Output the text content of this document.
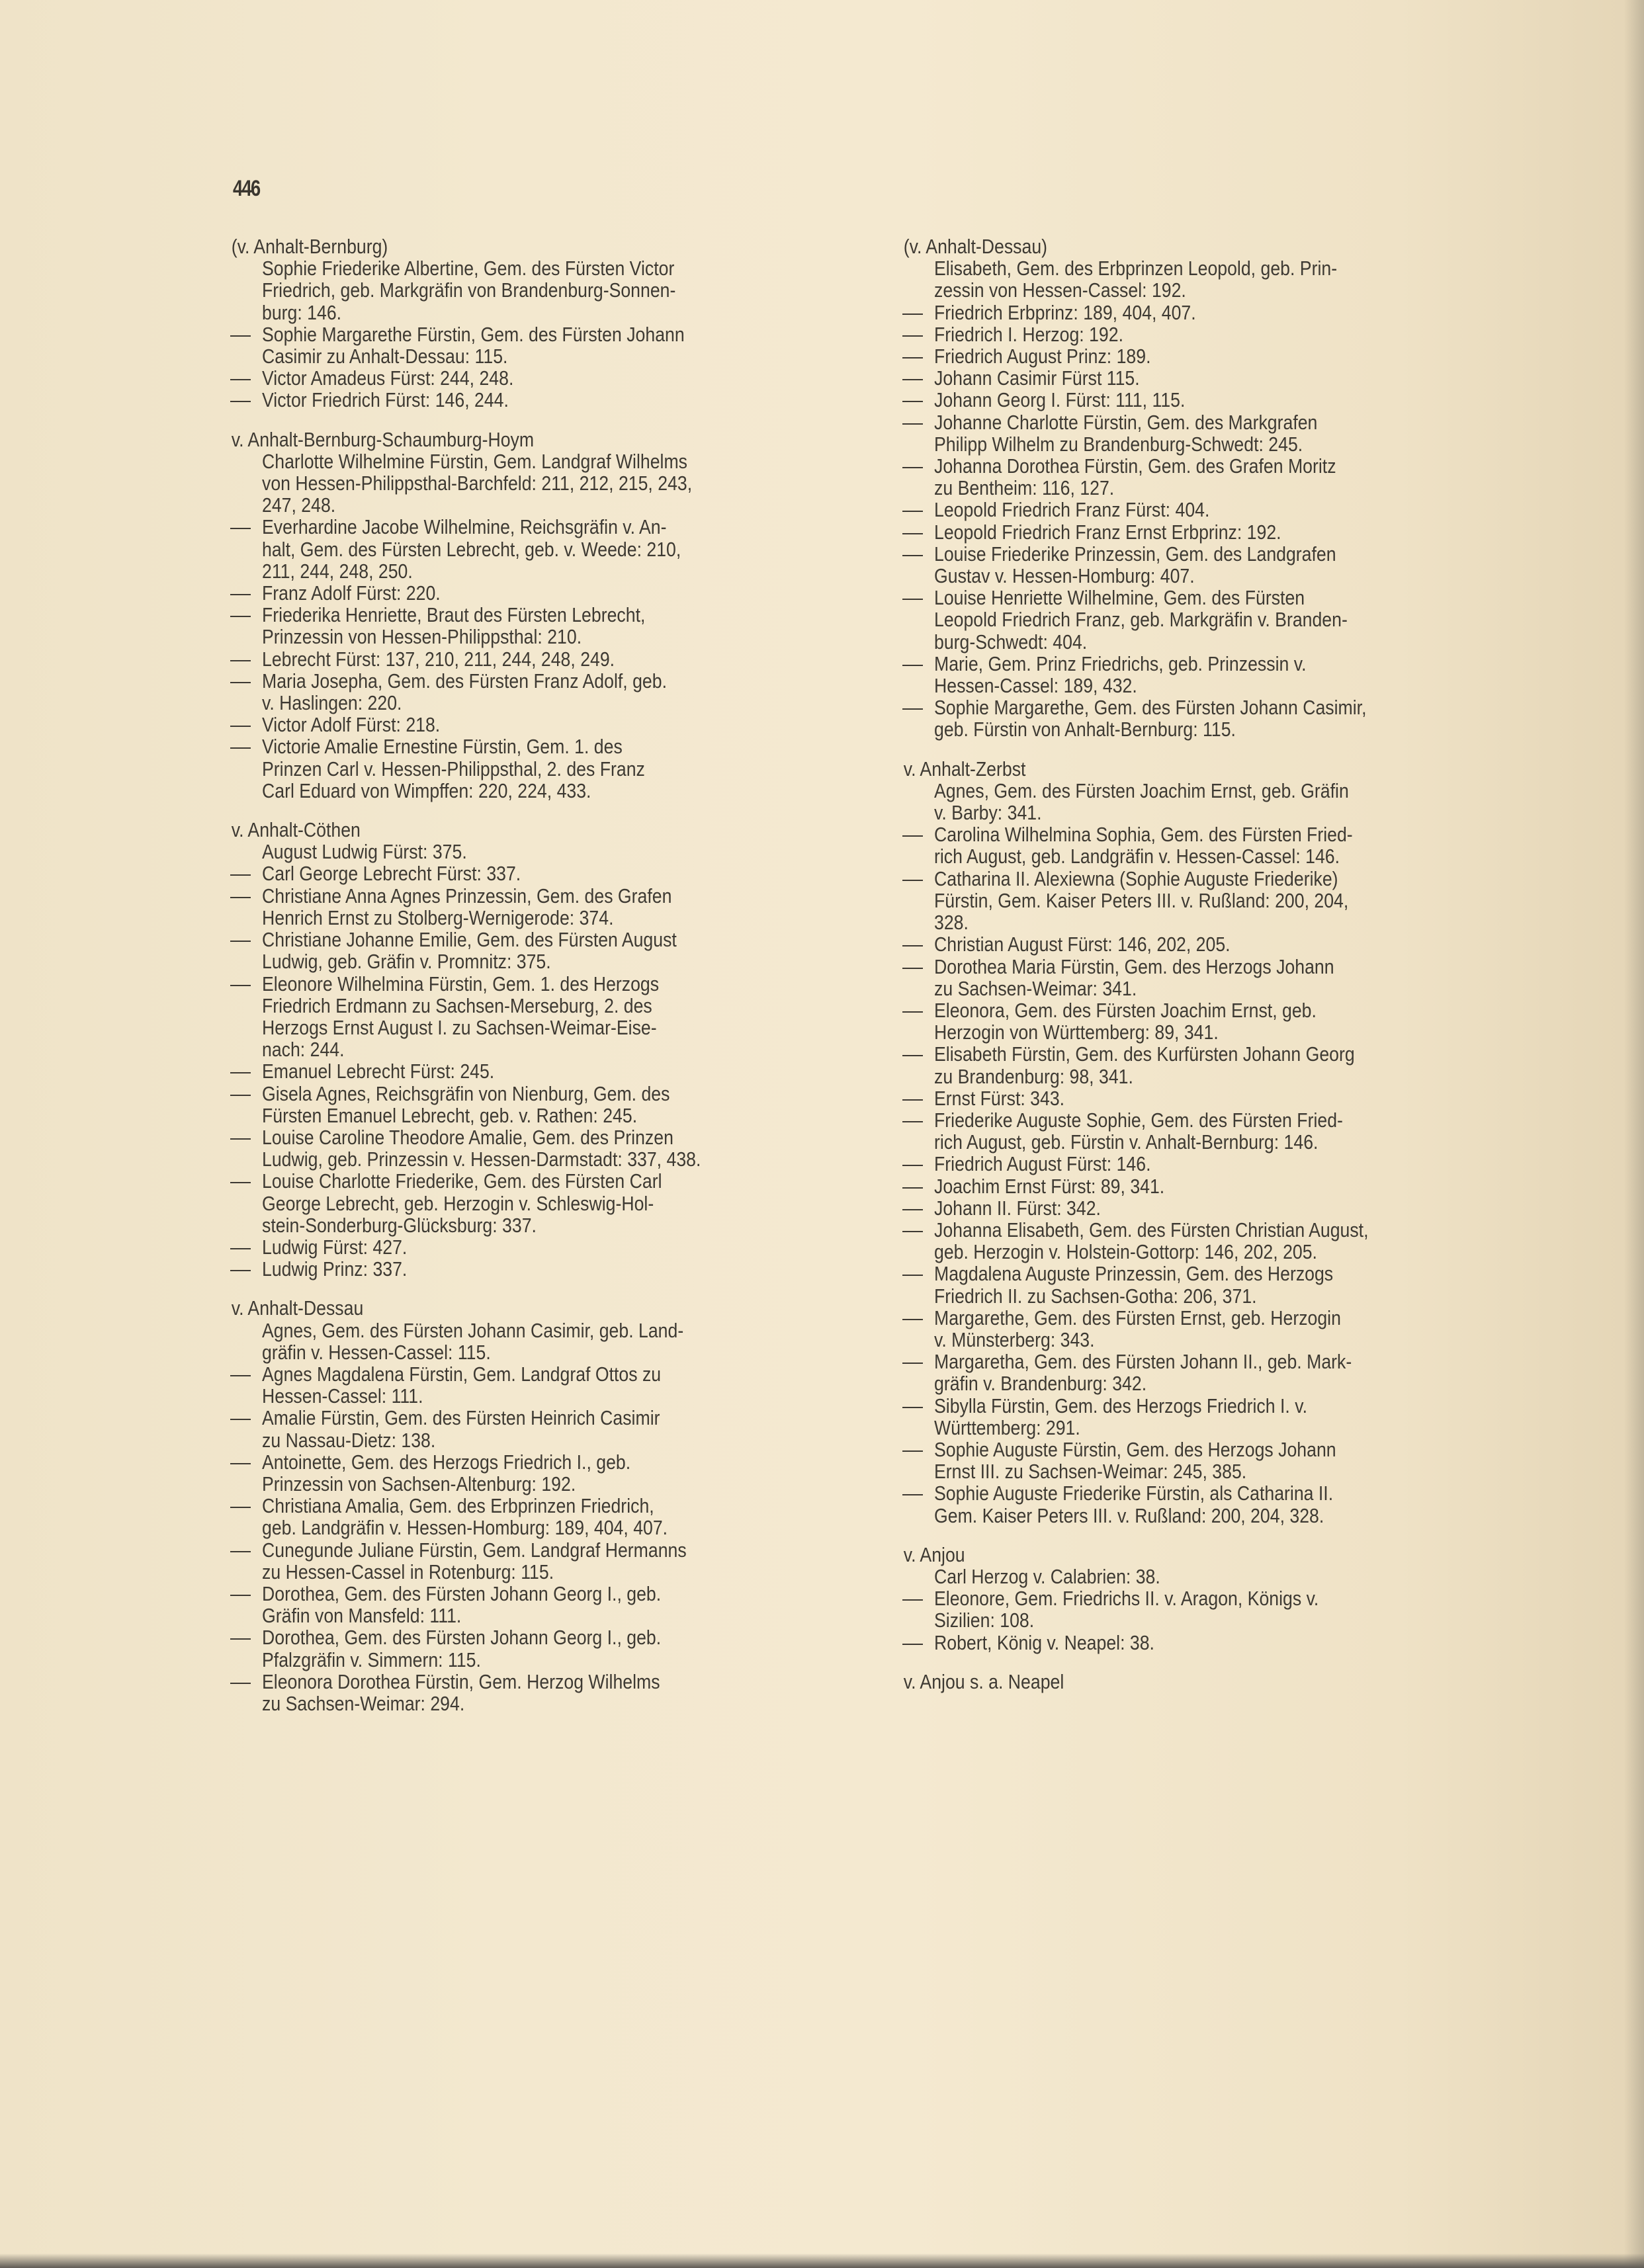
446
(v. Anhalt-Bernburg)
Sophie Friederike Albertine, Gem. des Fürsten Victor
Friedrich, geb. Markgräfin von Brandenburg-Sonnen-
burg: 146.
— Sophie Margarethe Fürstin, Gem. des Fürsten Johann
Casimir zu Anhalt-Dessau: 115.
— Victor Amadeus Fürst: 244, 248.
— Victor Friedrich Fürst: 146, 244.
v. Anhalt-Bernburg-Schaumburg-Hoym
Charlotte Wilhelmine Fürstin, Gem. Landgraf Wilhelms
von Hessen-Philippsthal-Barchfeld: 211, 212, 215, 243,
247, 248.
— Everhardine Jacobe Wilhelmine, Reichsgräfin v. An-
halt, Gem. des Fürsten Lebrecht, geb. v. Weede: 210,
211, 244, 248, 250.
— Franz Adolf Fürst: 220.
— Friederika Henriette, Braut des Fürsten Lebrecht,
Prinzessin von Hessen-Philippsthal: 210.
— Lebrecht Fürst: 137, 210, 211, 244, 248, 249.
— Maria Josepha, Gem. des Fürsten Franz Adolf, geb.
v. Haslingen: 220.
— Victor Adolf Fürst: 218.
— Victorie Amalie Ernestine Fürstin, Gem. 1. des
Prinzen Carl v. Hessen-Philippsthal, 2. des Franz
Carl Eduard von Wimpffen: 220, 224, 433.
v. Anhalt-Cöthen
August Ludwig Fürst: 375.
— Carl George Lebrecht Fürst: 337.
— Christiane Anna Agnes Prinzessin, Gem. des Grafen
Henrich Ernst zu Stolberg-Wernigerode: 374.
— Christiane Johanne Emilie, Gem. des Fürsten August
Ludwig, geb. Gräfin v. Promnitz: 375.
— Eleonore Wilhelmina Fürstin, Gem. 1. des Herzogs
Friedrich Erdmann zu Sachsen-Merseburg, 2. des
Herzogs Ernst August I. zu Sachsen-Weimar-Eise-
nach: 244.
— Emanuel Lebrecht Fürst: 245.
— Gisela Agnes, Reichsgräfin von Nienburg, Gem. des
Fürsten Emanuel Lebrecht, geb. v. Rathen: 245.
— Louise Caroline Theodore Amalie, Gem. des Prinzen
Ludwig, geb. Prinzessin v. Hessen-Darmstadt: 337, 438.
— Louise Charlotte Friederike, Gem. des Fürsten Carl
George Lebrecht, geb. Herzogin v. Schleswig-Hol-
stein-Sonderburg-Glücksburg: 337.
— Ludwig Fürst: 427.
— Ludwig Prinz: 337.
v. Anhalt-Dessau
Agnes, Gem. des Fürsten Johann Casimir, geb. Land-
gräfin v. Hessen-Cassel: 115.
— Agnes Magdalena Fürstin, Gem. Landgraf Ottos zu
Hessen-Cassel: 111.
— Amalie Fürstin, Gem. des Fürsten Heinrich Casimir
zu Nassau-Dietz: 138.
— Antoinette, Gem. des Herzogs Friedrich I., geb.
Prinzessin von Sachsen-Altenburg: 192.
— Christiana Amalia, Gem. des Erbprinzen Friedrich,
geb. Landgräfin v. Hessen-Homburg: 189, 404, 407.
— Cunegunde Juliane Fürstin, Gem. Landgraf Hermanns
zu Hessen-Cassel in Rotenburg: 115.
— Dorothea, Gem. des Fürsten Johann Georg I., geb.
Gräfin von Mansfeld: 111.
— Dorothea, Gem. des Fürsten Johann Georg I., geb.
Pfalzgräfin v. Simmern: 115.
— Eleonora Dorothea Fürstin, Gem. Herzog Wilhelms
zu Sachsen-Weimar: 294.
(v. Anhalt-Dessau)
Elisabeth, Gem. des Erbprinzen Leopold, geb. Prin-
zessin von Hessen-Cassel: 192.
— Friedrich Erbprinz: 189, 404, 407.
— Friedrich I. Herzog: 192.
— Friedrich August Prinz: 189.
— Johann Casimir Fürst 115.
— Johann Georg I. Fürst: 111, 115.
— Johanne Charlotte Fürstin, Gem. des Markgrafen
Philipp Wilhelm zu Brandenburg-Schwedt: 245.
— Johanna Dorothea Fürstin, Gem. des Grafen Moritz
zu Bentheim: 116, 127.
— Leopold Friedrich Franz Fürst: 404.
— Leopold Friedrich Franz Ernst Erbprinz: 192.
— Louise Friederike Prinzessin, Gem. des Landgrafen
Gustav v. Hessen-Homburg: 407.
— Louise Henriette Wilhelmine, Gem. des Fürsten
Leopold Friedrich Franz, geb. Markgräfin v. Branden-
burg-Schwedt: 404.
— Marie, Gem. Prinz Friedrichs, geb. Prinzessin v.
Hessen-Cassel: 189, 432.
— Sophie Margarethe, Gem. des Fürsten Johann Casimir,
geb. Fürstin von Anhalt-Bernburg: 115.
v. Anhalt-Zerbst
Agnes, Gem. des Fürsten Joachim Ernst, geb. Gräfin
v. Barby: 341.
— Carolina Wilhelmina Sophia, Gem. des Fürsten Fried-
rich August, geb. Landgräfin v. Hessen-Cassel: 146.
— Catharina II. Alexiewna (Sophie Auguste Friederike)
Fürstin, Gem. Kaiser Peters III. v. Rußland: 200, 204,
328.
— Christian August Fürst: 146, 202, 205.
— Dorothea Maria Fürstin, Gem. des Herzogs Johann
zu Sachsen-Weimar: 341.
— Eleonora, Gem. des Fürsten Joachim Ernst, geb.
Herzogin von Württemberg: 89, 341.
— Elisabeth Fürstin, Gem. des Kurfürsten Johann Georg
zu Brandenburg: 98, 341.
— Ernst Fürst: 343.
— Friederike Auguste Sophie, Gem. des Fürsten Fried-
rich August, geb. Fürstin v. Anhalt-Bernburg: 146.
— Friedrich August Fürst: 146.
— Joachim Ernst Fürst: 89, 341.
— Johann II. Fürst: 342.
— Johanna Elisabeth, Gem. des Fürsten Christian August,
geb. Herzogin v. Holstein-Gottorp: 146, 202, 205.
— Magdalena Auguste Prinzessin, Gem. des Herzogs
Friedrich II. zu Sachsen-Gotha: 206, 371.
— Margarethe, Gem. des Fürsten Ernst, geb. Herzogin
v. Münsterberg: 343.
— Margaretha, Gem. des Fürsten Johann II., geb. Mark-
gräfin v. Brandenburg: 342.
— Sibylla Fürstin, Gem. des Herzogs Friedrich I. v.
Württemberg: 291.
— Sophie Auguste Fürstin, Gem. des Herzogs Johann
Ernst III. zu Sachsen-Weimar: 245, 385.
— Sophie Auguste Friederike Fürstin, als Catharina II.
Gem. Kaiser Peters III. v. Rußland: 200, 204, 328.
v. Anjou
Carl Herzog v. Calabrien: 38.
— Eleonore, Gem. Friedrichs II. v. Aragon, Königs v.
Sizilien: 108.
— Robert, König v. Neapel: 38.
v. Anjou s. a. Neapel
